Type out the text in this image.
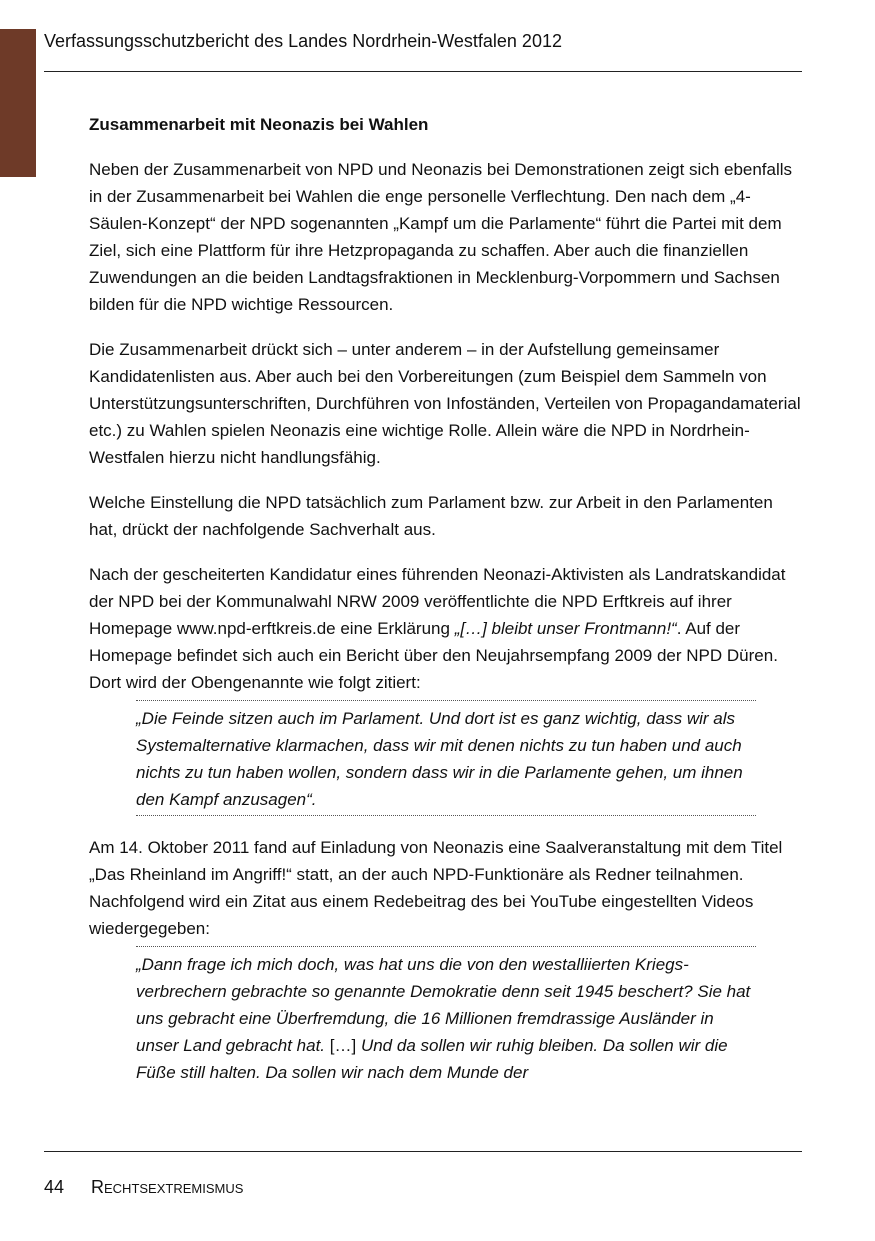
Verfassungsschutzbericht des Landes Nordrhein-Westfalen 2012
Zusammenarbeit mit Neonazis bei Wahlen

Neben der Zusammenarbeit von NPD und Neonazis bei Demonstrationen zeigt sich ebenfalls in der Zusammenarbeit bei Wahlen die enge personelle Verflechtung. Den nach dem „4-Säulen-Konzept“ der NPD sogenannten „Kampf um die Parlamente“ führt die Partei mit dem Ziel, sich eine Plattform für ihre Hetzpropaganda zu schaffen. Aber auch die finanziellen Zuwendungen an die beiden Landtagsfraktionen in Mecklenburg-Vorpommern und Sachsen bilden für die NPD wichtige Ressourcen.

Die Zusammenarbeit drückt sich – unter anderem – in der Aufstellung gemeinsamer Kandidatenlisten aus. Aber auch bei den Vorbereitungen (zum Beispiel dem Sammeln von Unterstützungsunterschriften, Durchführen von Infoständen, Verteilen von Propagandamaterial etc.) zu Wahlen spielen Neonazis eine wichtige Rolle. Allein wäre die NPD in Nordrhein-Westfalen hierzu nicht handlungsfähig.

Welche Einstellung die NPD tatsächlich zum Parlament bzw. zur Arbeit in den Parlamenten hat, drückt der nachfolgende Sachverhalt aus.

Nach der gescheiterten Kandidatur eines führenden Neonazi-Aktivisten als Landratskandidat der NPD bei der Kommunalwahl NRW 2009 veröffentlichte die NPD Erftkreis auf ihrer Homepage www.npd-erftkreis.de eine Erklärung „[…] bleibt unser Frontmann!“. Auf der Homepage befindet sich auch ein Bericht über den Neujahrsempfang 2009 der NPD Düren. Dort wird der Obengenannte wie folgt zitiert:

„Die Feinde sitzen auch im Parlament. Und dort ist es ganz wichtig, dass wir als Systemalternative klarmachen, dass wir mit denen nichts zu tun haben und auch nichts zu tun haben wollen, sondern dass wir in die Parlamente gehen, um ihnen den Kampf anzusagen“.

Am 14. Oktober 2011 fand auf Einladung von Neonazis eine Saalveranstaltung mit dem Titel „Das Rheinland im Angriff!“ statt, an der auch NPD-Funktionäre als Redner teilnahmen. Nachfolgend wird ein Zitat aus einem Redebeitrag des bei YouTube eingestellten Videos wiedergegeben:

„Dann frage ich mich doch, was hat uns die von den westalliierten Kriegsverbrechern gebrachte so genannte Demokratie denn seit 1945 beschert? Sie hat uns gebracht eine Überfremdung, die 16 Millionen fremdrassige Ausländer in unser Land gebracht hat. […] Und da sollen wir ruhig bleiben. Da sollen wir die Füße still halten. Da sollen wir nach dem Munde der

44 Rechtsextremismus
